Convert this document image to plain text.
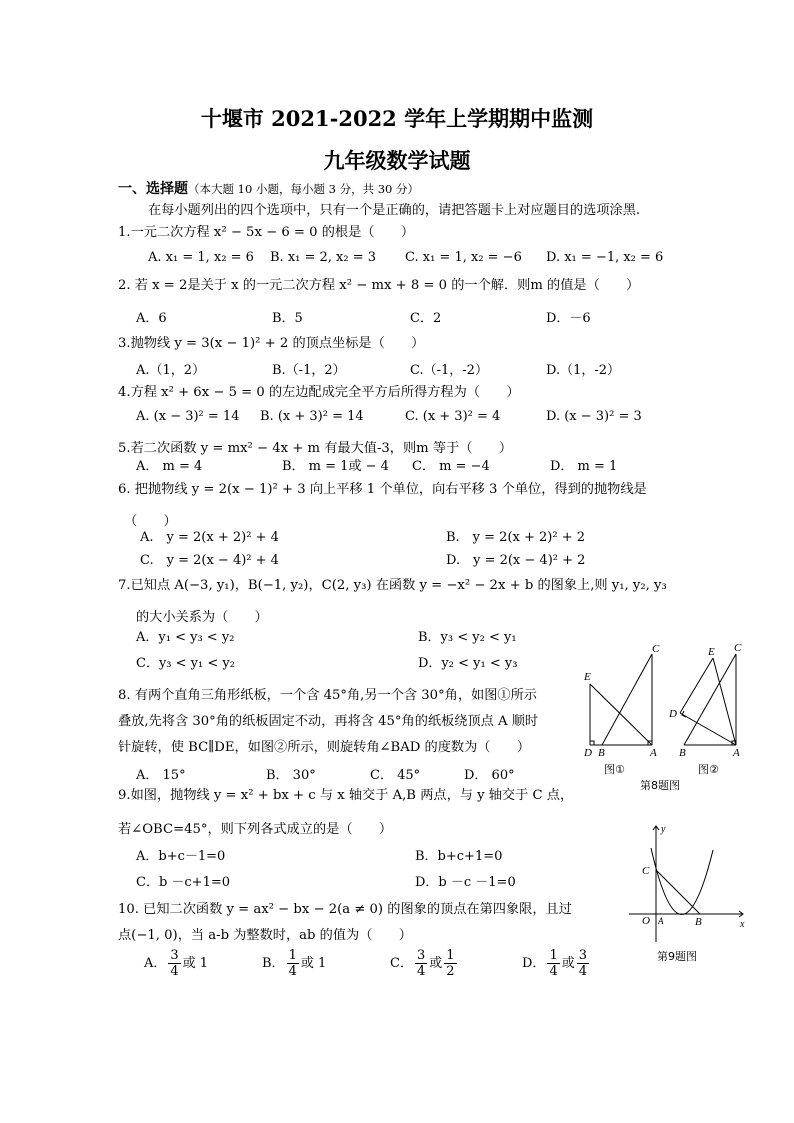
十堰市 2021-2022 学年上学期期中监测
九年级数学试题
一、选择题（本大题 10 小题，每小题 3 分，共 30 分）
在每小题列出的四个选项中，只有一个是正确的，请把答题卡上对应题目的选项涂黑.
1.一元二次方程 x² − 5x − 6 = 0 的根是（　　）
A. x₁ = 1, x₂ = 6 B. x₁ = 2, x₂ = 3 C. x₁ = 1, x₂ = −6 D. x₁ = −1, x₂ = 6
2. 若 x = 2是关于 x 的一元二次方程 x² − mx + 8 = 0 的一个解．则m 的值是（　　）
A．6	B．5	C．2	D．－6
3.抛物线 y = 3(x − 1)² + 2 的顶点坐标是（　　）
A.（1，2）	B.（-1，2）	C.（-1，-2）	D.（1，-2）
4.方程 x² + 6x − 5 = 0 的左边配成完全平方后所得方程为（　　）
A. (x − 3)² = 14 B. (x + 3)² = 14	C. (x + 3)² = 4	D. (x − 3)² = 3
5.若二次函数 y = mx² − 4x + m 有最大值-3，则m 等于（　　）
A． m = 4	B． m = 1或 − 4 C． m = −4	D． m = 1
6. 把抛物线 y = 2(x − 1)² + 3 向上平移 1 个单位，向右平移 3 个单位，得到的抛物线是
（　　）
A.　y = 2(x + 2)² + 4	B.　y = 2(x + 2)² + 2
C.　y = 2(x − 4)² + 4	D.　y = 2(x − 4)² + 2
7.已知点 A(−3, y₁)，B(−1, y₂)，C(2, y₃) 在函数 y = −x² − 2x + b 的图象上,则 y₁, y₂, y₃
的大小关系为（　　）
A．y₁ < y₃ < y₂	B．y₃ < y₂ < y₁
C．y₃ < y₁ < y₂	D．y₂ < y₁ < y₃
8. 有两个直角三角形纸板，一个含 45°角,另一个含 30°角，如图①所示
叠放,先将含 30°角的纸板固定不动，再将含 45°角的纸板绕顶点 A 顺时
针旋转，使 BC∥DE，如图②所示，则旋转角∠BAD 的度数为（　　）
A． 15°	B． 30°	C． 45°	D． 60°
9.如图，抛物线 y = x² + bx + c 与 x 轴交于 A,B 两点，与 y 轴交于 C 点，
若∠OBC=45°，则下列各式成立的是（　　）
A．b+c－1=0	B．b+c+1=0
C．b －c+1=0	D．b －c －1=0
10. 已知二次函数 y = ax² − bx − 2(a ≠ 0) 的图象的顶点在第四象限，且过
点(−1, 0)，当 a-b 为整数时，ab 的值为（　　）
A． $\frac{3}{4}$ 或 1	B． $\frac{1}{4}$ 或 1	C． $\frac{3}{4}$ 或 $\frac{1}{2}$	D． $\frac{1}{4}$ 或 $\frac{3}{4}$
E
C
D B	A
E C
D
B	A
图①	图②
第8题图
y
x
C
O A	B
第9题图
